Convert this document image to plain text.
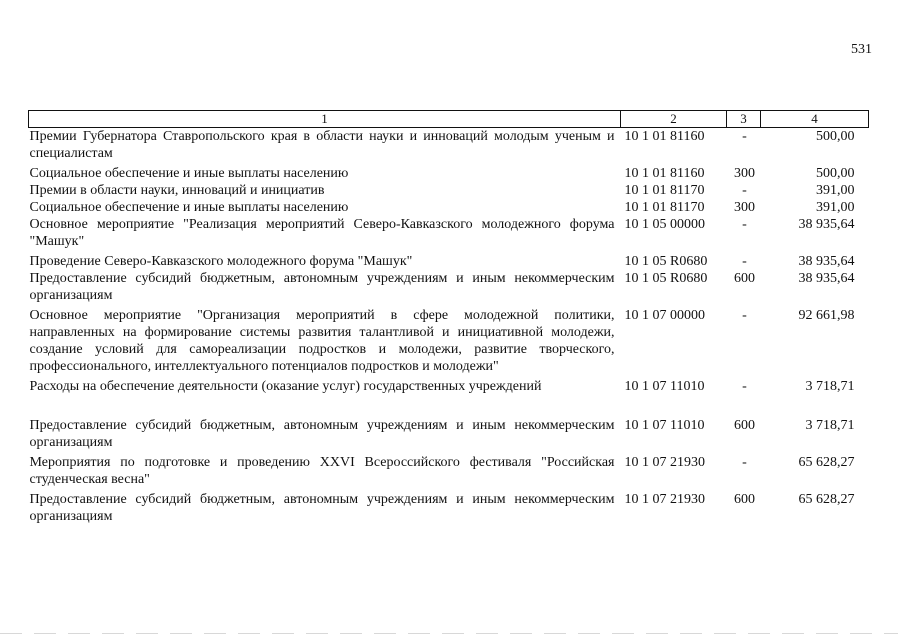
531
1	2	3	4
Премии Губернатора Ставропольского края в области науки и инноваций молодым ученым и специалистам	10 1 01 81160	-	500,00
Социальное обеспечение и иные выплаты населению	10 1 01 81160	300	500,00
Премии в области науки, инноваций и инициатив	10 1 01 81170	-	391,00
Социальное обеспечение и иные выплаты населению	10 1 01 81170	300	391,00
Основное мероприятие "Реализация мероприятий Северо-Кавказского молодежного форума "Машук"	10 1 05 00000	-	38 935,64
Проведение Северо-Кавказского молодежного форума "Машук"	10 1 05 R0680	-	38 935,64
Предоставление субсидий бюджетным, автономным учреждениям и иным некоммерческим организациям	10 1 05 R0680	600	38 935,64
Основное мероприятие "Организация мероприятий в сфере молодежной политики, направленных на формирование системы развития талантливой и инициативной молодежи, создание условий для самореализации подростков и молодежи, развитие творческого, профессионального, интеллектуального потенциалов подростков и молодежи"	10 1 07 00000	-	92 661,98
Расходы на обеспечение деятельности (оказание услуг) государственных учреждений	10 1 07 11010	-	3 718,71
Предоставление субсидий бюджетным, автономным учреждениям и иным некоммерческим организациям	10 1 07 11010	600	3 718,71
Мероприятия по подготовке и проведению XXVI Всероссийского фестиваля "Российская студенческая весна"	10 1 07 21930	-	65 628,27
Предоставление субсидий бюджетным, автономным учреждениям и иным некоммерческим организациям	10 1 07 21930	600	65 628,27
